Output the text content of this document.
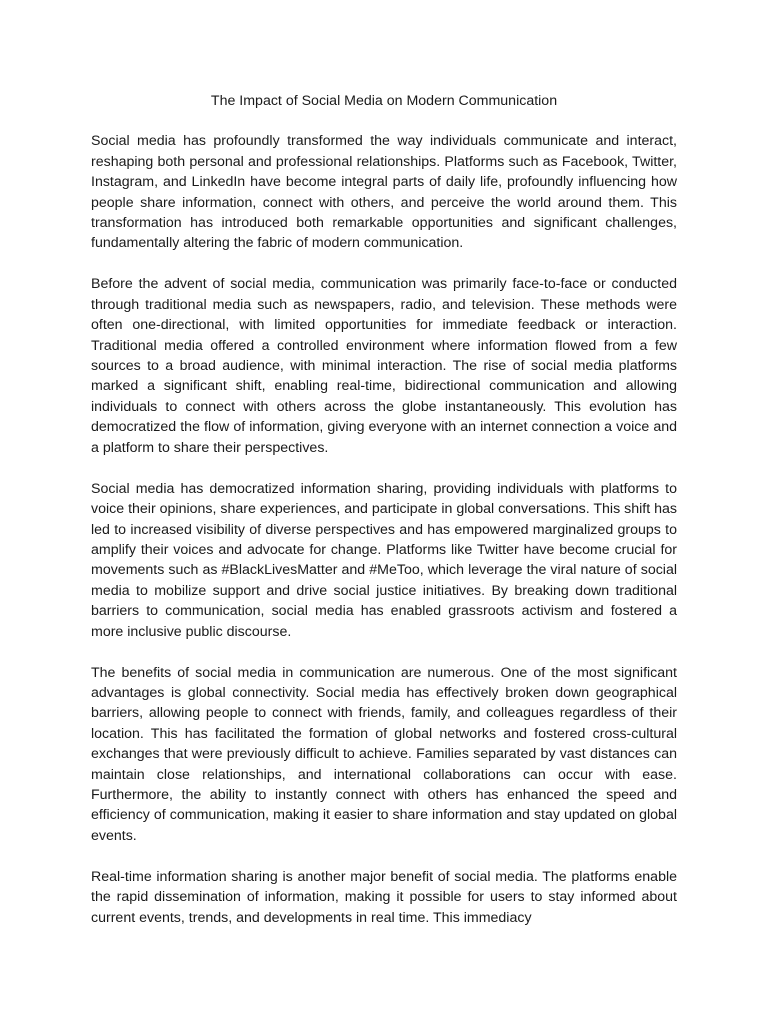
The Impact of Social Media on Modern Communication

Social media has profoundly transformed the way individuals communicate and interact, reshaping both personal and professional relationships. Platforms such as Facebook, Twitter, Instagram, and LinkedIn have become integral parts of daily life, profoundly influencing how people share information, connect with others, and perceive the world around them. This transformation has introduced both remarkable opportunities and significant challenges, fundamentally altering the fabric of modern communication.

Before the advent of social media, communication was primarily face-to-face or conducted through traditional media such as newspapers, radio, and television. These methods were often one-directional, with limited opportunities for immediate feedback or interaction. Traditional media offered a controlled environment where information flowed from a few sources to a broad audience, with minimal interaction. The rise of social media platforms marked a significant shift, enabling real-time, bidirectional communication and allowing individuals to connect with others across the globe instantaneously. This evolution has democratized the flow of information, giving everyone with an internet connection a voice and a platform to share their perspectives.

Social media has democratized information sharing, providing individuals with platforms to voice their opinions, share experiences, and participate in global conversations. This shift has led to increased visibility of diverse perspectives and has empowered marginalized groups to amplify their voices and advocate for change. Platforms like Twitter have become crucial for movements such as #BlackLivesMatter and #MeToo, which leverage the viral nature of social media to mobilize support and drive social justice initiatives. By breaking down traditional barriers to communication, social media has enabled grassroots activism and fostered a more inclusive public discourse.

The benefits of social media in communication are numerous. One of the most significant advantages is global connectivity. Social media has effectively broken down geographical barriers, allowing people to connect with friends, family, and colleagues regardless of their location. This has facilitated the formation of global networks and fostered cross-cultural exchanges that were previously difficult to achieve. Families separated by vast distances can maintain close relationships, and international collaborations can occur with ease. Furthermore, the ability to instantly connect with others has enhanced the speed and efficiency of communication, making it easier to share information and stay updated on global events.

Real-time information sharing is another major benefit of social media. The platforms enable the rapid dissemination of information, making it possible for users to stay informed about current events, trends, and developments in real time. This immediacy
